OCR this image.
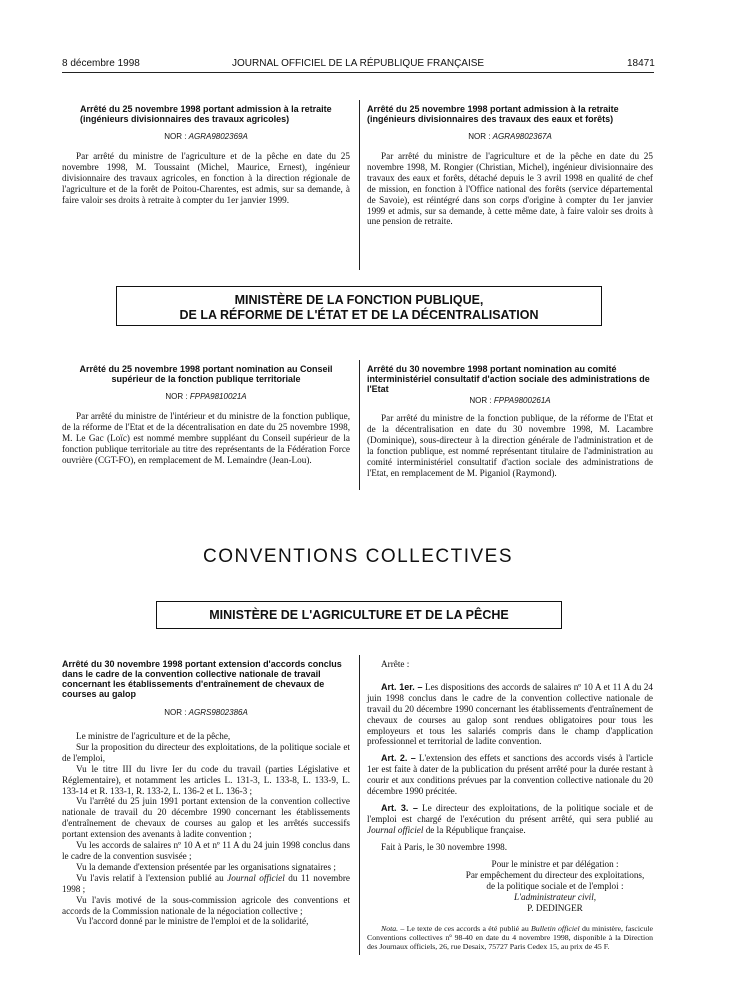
8 décembre 1998	JOURNAL OFFICIEL DE LA RÉPUBLIQUE FRANÇAISE	18471
Arrêté du 25 novembre 1998 portant admission à la retraite (ingénieurs divisionnaires des travaux agricoles)
NOR : AGRA9802369A

Par arrêté du ministre de l'agriculture et de la pêche en date du 25 novembre 1998, M. Toussaint (Michel, Maurice, Ernest), ingénieur divisionnaire des travaux agricoles, en fonction à la direction régionale de l'agriculture et de la forêt de Poitou-Charentes, est admis, sur sa demande, à faire valoir ses droits à retraite à compter du 1er janvier 1999.

Arrêté du 25 novembre 1998 portant admission à la retraite (ingénieurs divisionnaires des travaux des eaux et forêts)
NOR : AGRA9802367A

Par arrêté du ministre de l'agriculture et de la pêche en date du 25 novembre 1998, M. Rongier (Christian, Michel), ingénieur divisionnaire des travaux des eaux et forêts, détaché depuis le 3 avril 1998 en qualité de chef de mission, en fonction à l'Office national des forêts (service départemental de Savoie), est réintégré dans son corps d'origine à compter du 1er janvier 1999 et admis, sur sa demande, à cette même date, à faire valoir ses droits à une pension de retraite.

MINISTÈRE DE LA FONCTION PUBLIQUE,
DE LA RÉFORME DE L'ÉTAT ET DE LA DÉCENTRALISATION
Arrêté du 25 novembre 1998 portant nomination au Conseil supérieur de la fonction publique territoriale
NOR : FPPA9810021A

Par arrêté du ministre de l'intérieur et du ministre de la fonction publique, de la réforme de l'Etat et de la décentralisation en date du 25 novembre 1998, M. Le Gac (Loïc) est nommé membre suppléant du Conseil supérieur de la fonction publique territoriale au titre des représentants de la Fédération Force ouvrière (CGT-FO), en remplacement de M. Lemaindre (Jean-Lou).

Arrêté du 30 novembre 1998 portant nomination au comité interministériel consultatif d'action sociale des administrations de l'Etat
NOR : FPPA9800261A

Par arrêté du ministre de la fonction publique, de la réforme de l'Etat et de la décentralisation en date du 30 novembre 1998, M. Lacambre (Dominique), sous-directeur à la direction générale de l'administration et de la fonction publique, est nommé représentant titulaire de l'administration au comité interministériel consultatif d'action sociale des administrations de l'Etat, en remplacement de M. Piganiol (Raymond).

CONVENTIONS COLLECTIVES
MINISTÈRE DE L'AGRICULTURE ET DE LA PÊCHE
Arrêté du 30 novembre 1998 portant extension d'accords conclus dans le cadre de la convention collective nationale de travail concernant les établissements d'entraînement de chevaux de courses au galop
NOR : AGRS9802386A

Le ministre de l'agriculture et de la pêche,

Sur la proposition du directeur des exploitations, de la politique sociale et de l'emploi,

Vu le titre III du livre Ier du code du travail (parties Législative et Réglementaire), et notamment les articles L. 131-3, L. 133-8, L. 133-9, L. 133-14 et R. 133-1, R. 133-2, L. 136-2 et L. 136-3 ;

Vu l'arrêté du 25 juin 1991 portant extension de la convention collective nationale de travail du 20 décembre 1990 concernant les établissements d'entraînement de chevaux de courses au galop et les arrêtés successifs portant extension des avenants à ladite convention ;

Vu les accords de salaires nº 10 A et nº 11 A du 24 juin 1998 conclus dans le cadre de la convention susvisée ;

Vu la demande d'extension présentée par les organisations signataires ;

Vu l'avis relatif à l'extension publié au Journal officiel du 11 novembre 1998 ;

Vu l'avis motivé de la sous-commission agricole des conventions et accords de la Commission nationale de la négociation collective ;

Vu l'accord donné par le ministre de l'emploi et de la solidarité,

Arrête :

Art. 1er. – Les dispositions des accords de salaires nº 10 A et 11 A du 24 juin 1998 conclus dans le cadre de la convention collective nationale de travail du 20 décembre 1990 concernant les établissements d'entraînement de chevaux de courses au galop sont rendues obligatoires pour tous les employeurs et tous les salariés compris dans le champ d'application professionnel et territorial de ladite convention.

Art. 2. – L'extension des effets et sanctions des accords visés à l'article 1er est faite à dater de la publication du présent arrêté pour la durée restant à courir et aux conditions prévues par la convention collective nationale du 20 décembre 1990 précitée.

Art. 3. – Le directeur des exploitations, de la politique sociale et de l'emploi est chargé de l'exécution du présent arrêté, qui sera publié au Journal officiel de la République française.

Fait à Paris, le 30 novembre 1998.

Pour le ministre et par délégation :
Par empêchement du directeur des exploitations,
de la politique sociale et de l'emploi :
L'administrateur civil,
P. DEDINGER
Nota. – Le texte de ces accords a été publié au Bulletin officiel du ministère, fascicule Conventions collectives nº 98-40 en date du 4 novembre 1998, disponible à la Direction des Journaux officiels, 26, rue Desaix, 75727 Paris Cedex 15, au prix de 45 F.
